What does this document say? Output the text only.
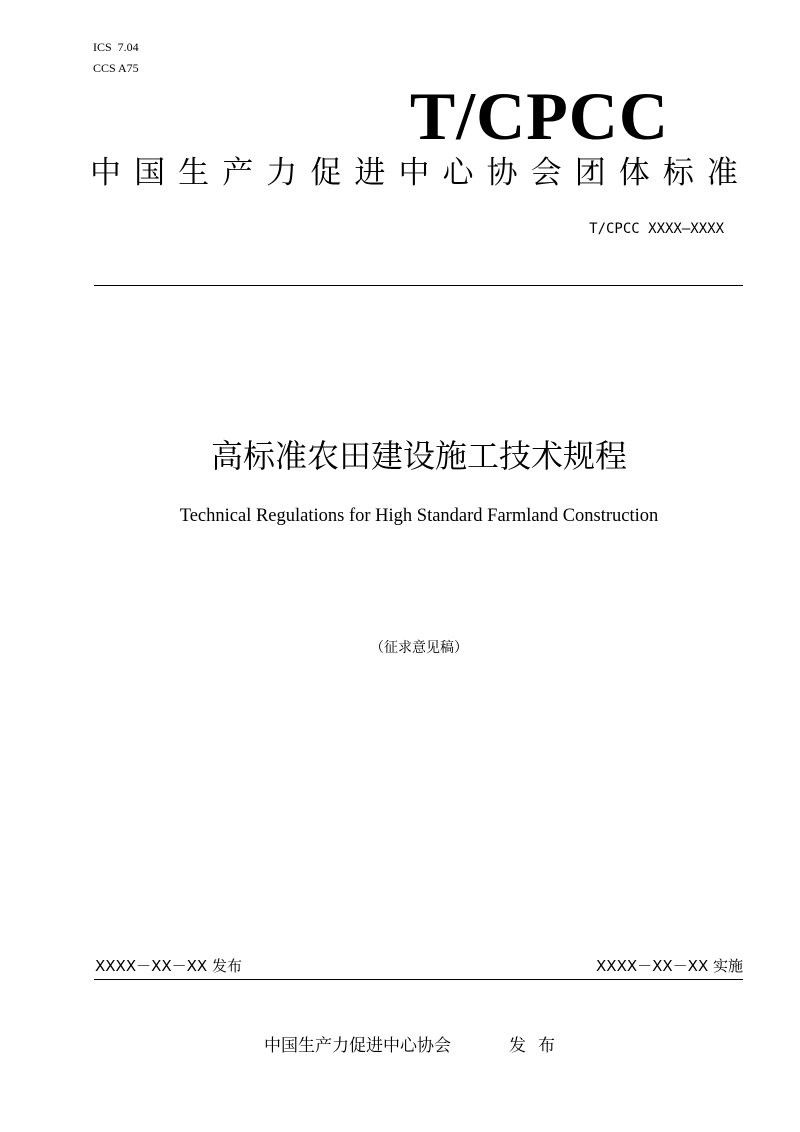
ICS  7.04
CCS A75
T/CPCC
中 国 生 产 力 促 进 中 心 协 会 团 体 标 准
T/CPCC XXXX—XXXX
高标准农田建设施工技术规程
Technical Regulations for High Standard Farmland Construction
（征求意见稿）
XXXX－XX－XX 发布	XXXX－XX－XX 实施
中国生产力促进中心协会	发布
